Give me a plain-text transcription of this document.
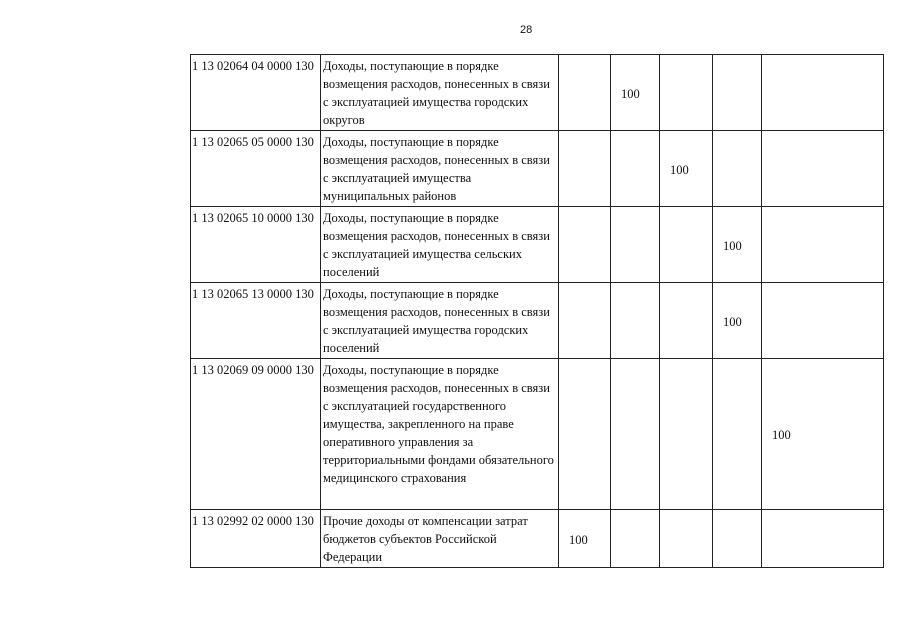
28
1 13 02064 04 0000 130	Доходы, поступающие в порядке возмещения расходов, понесенных в связи с эксплуатацией имущества городских округов		100			
1 13 02065 05 0000 130	Доходы, поступающие в порядке возмещения расходов, понесенных в связи с эксплуатацией имущества муниципальных районов			100		
1 13 02065 10 0000 130	Доходы, поступающие в порядке возмещения расходов, понесенных в связи с эксплуатацией имущества сельских поселений				100	
1 13 02065 13 0000 130	Доходы, поступающие в порядке возмещения расходов, понесенных в связи с эксплуатацией имущества городских поселений				100	
1 13 02069 09 0000 130	Доходы, поступающие в порядке возмещения расходов, понесенных в связи с эксплуатацией государственного имущества, закрепленного на праве оперативного управления за территориальными фондами обязательного медицинского страхования					100
1 13 02992 02 0000 130	Прочие доходы от компенсации затрат бюджетов субъектов Российской Федерации	100				
